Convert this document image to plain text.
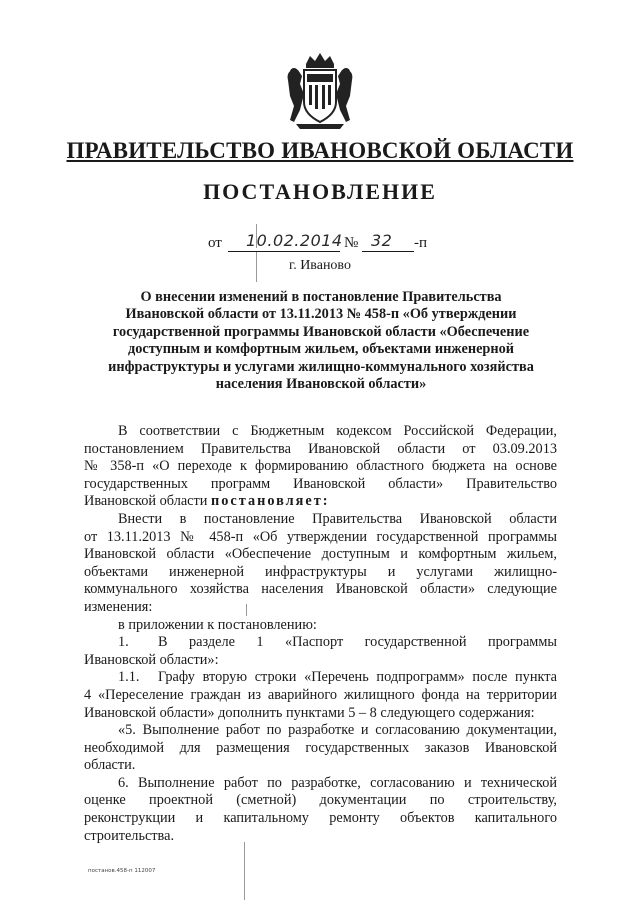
ПРАВИТЕЛЬСТВО ИВАНОВСКОЙ ОБЛАСТИ
ПОСТАНОВЛЕНИЕ
от 10.02.2014 № 32 -п
г. Иваново
О внесении изменений в постановление Правительства
Ивановской области от 13.11.2013 № 458-п «Об утверждении
государственной программы Ивановской области «Обеспечение
доступным и комфортным жильем, объектами инженерной
инфраструктуры и услугами жилищно-коммунального хозяйства
населения Ивановской области»
В соответствии с Бюджетным кодексом Российской Федерации,
постановлением Правительства Ивановской области от 03.09.2013
№ 358-п «О переходе к формированию областного бюджета на основе
государственных программ Ивановской области» Правительство
Ивановской области постановляет:
Внести в постановление Правительства Ивановской области
от 13.11.2013 № 458-п «Об утверждении государственной программы
Ивановской области «Обеспечение доступным и комфортным жильем,
объектами инженерной инфраструктуры и услугами жилищно-
коммунального хозяйства населения Ивановской области» следующие
изменения:
в приложении к постановлению:
1.	В разделе 1 «Паспорт государственной программы
Ивановской области»:
1.1.	Графу вторую строки «Перечень подпрограмм» после пункта
4 «Переселение граждан из аварийного жилищного фонда на территории
Ивановской области» дополнить пунктами 5 – 8 следующего содержания:
«5. Выполнение работ по разработке и согласованию документации,
необходимой для размещения государственных заказов Ивановской
области.
6. Выполнение работ по разработке, согласованию и технической
оценке проектной (сметной) документации по строительству,
реконструкции и капитальному ремонту объектов капитального
строительства.
постанов.458-п 112007
